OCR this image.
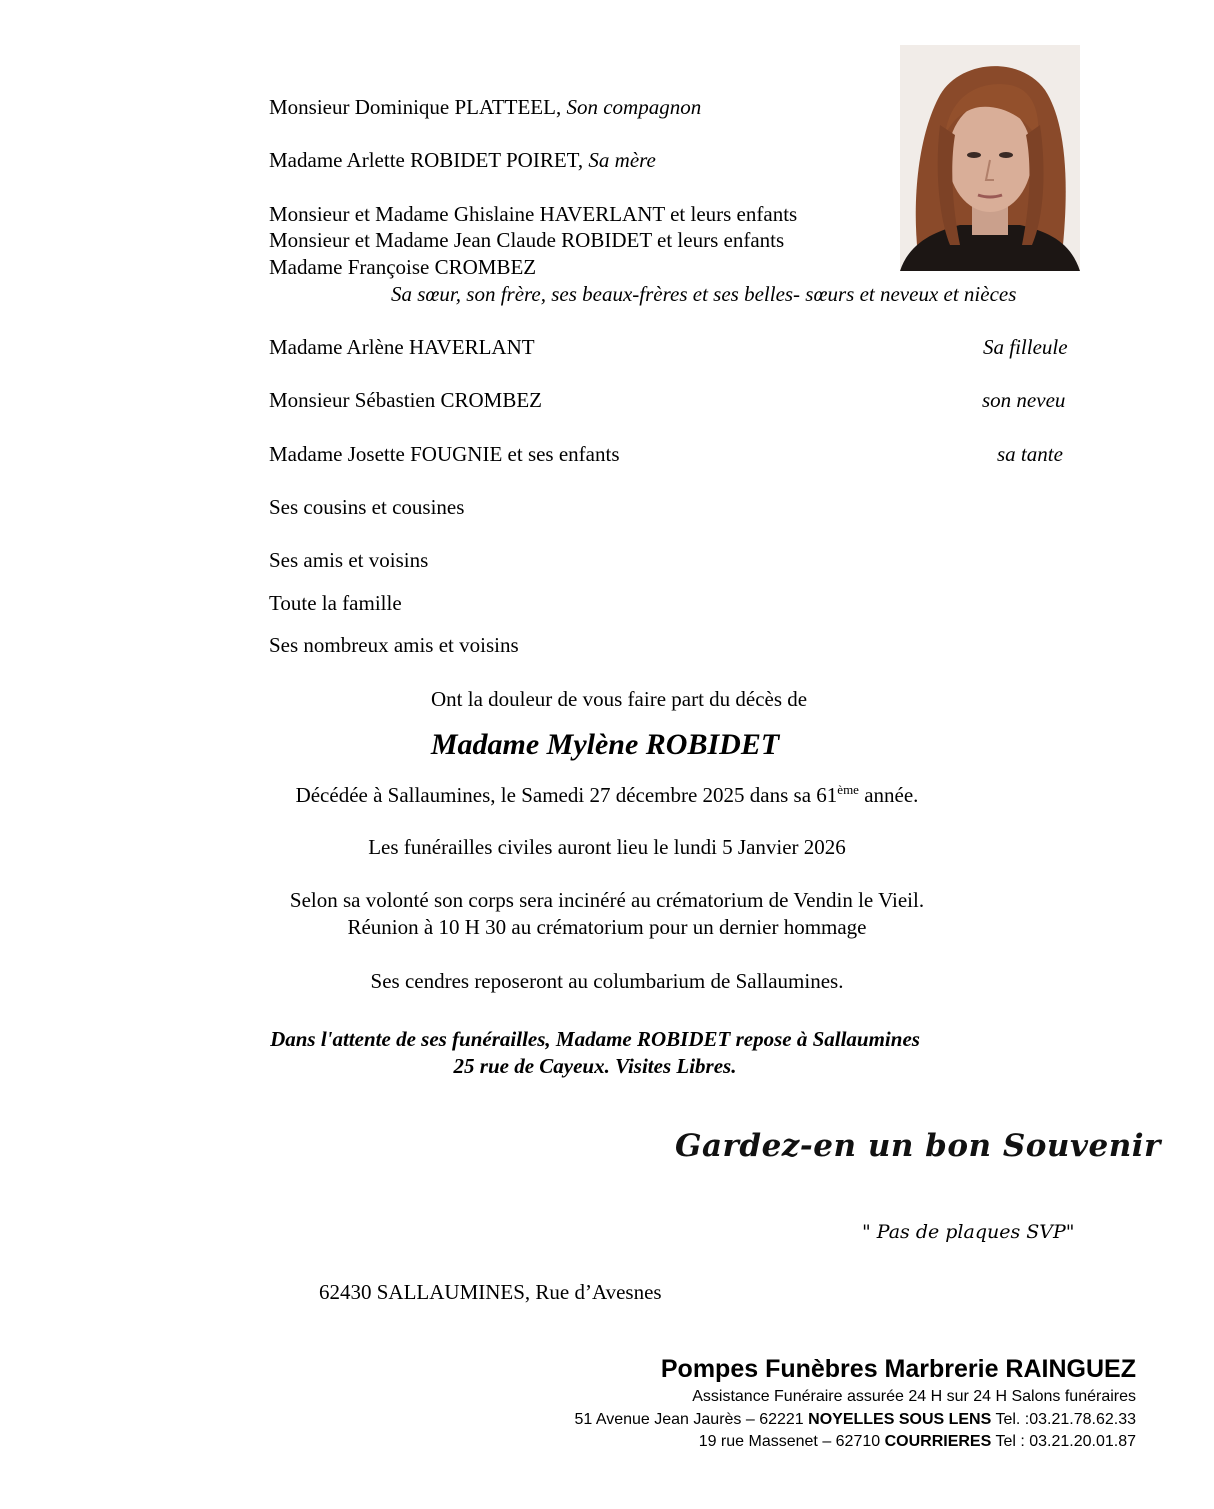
Monsieur Dominique PLATTEEL, Son compagnon
Madame Arlette ROBIDET POIRET, Sa mère
Monsieur et Madame Ghislaine HAVERLANT et leurs enfants
Monsieur et Madame Jean Claude ROBIDET et leurs enfants
Madame Françoise CROMBEZ
Sa sœur, son frère, ses beaux-frères et ses belles- sœurs et neveux et nièces
Madame Arlène HAVERLANT	Sa filleule
Monsieur Sébastien CROMBEZ	son neveu
Madame Josette FOUGNIE et ses enfants	sa tante
Ses cousins et cousines
Ses amis et voisins
Toute la famille
Ses nombreux amis et voisins
Ont la douleur de vous faire part du décès de
Madame Mylène ROBIDET
Décédée à Sallaumines, le Samedi 27 décembre 2025 dans sa 61ème année.
Les funérailles civiles auront lieu le lundi 5 Janvier 2026
Selon sa volonté son corps sera incinéré au crématorium de Vendin le Vieil.
Réunion à 10 H 30 au crématorium pour un dernier hommage
Ses cendres reposeront au columbarium de Sallaumines.
Dans l'attente de ses funérailles, Madame ROBIDET repose à Sallaumines
25 rue de Cayeux. Visites Libres.
Gardez-en un bon Souvenir
" Pas de plaques SVP"
62430 SALLAUMINES, Rue d’Avesnes
Pompes Funèbres Marbrerie RAINGUEZ
Assistance Funéraire assurée 24 H sur 24 H Salons funéraires
51 Avenue Jean Jaurès – 62221 NOYELLES SOUS LENS Tel. :03.21.78.62.33
19 rue Massenet – 62710 COURRIERES Tel : 03.21.20.01.87
